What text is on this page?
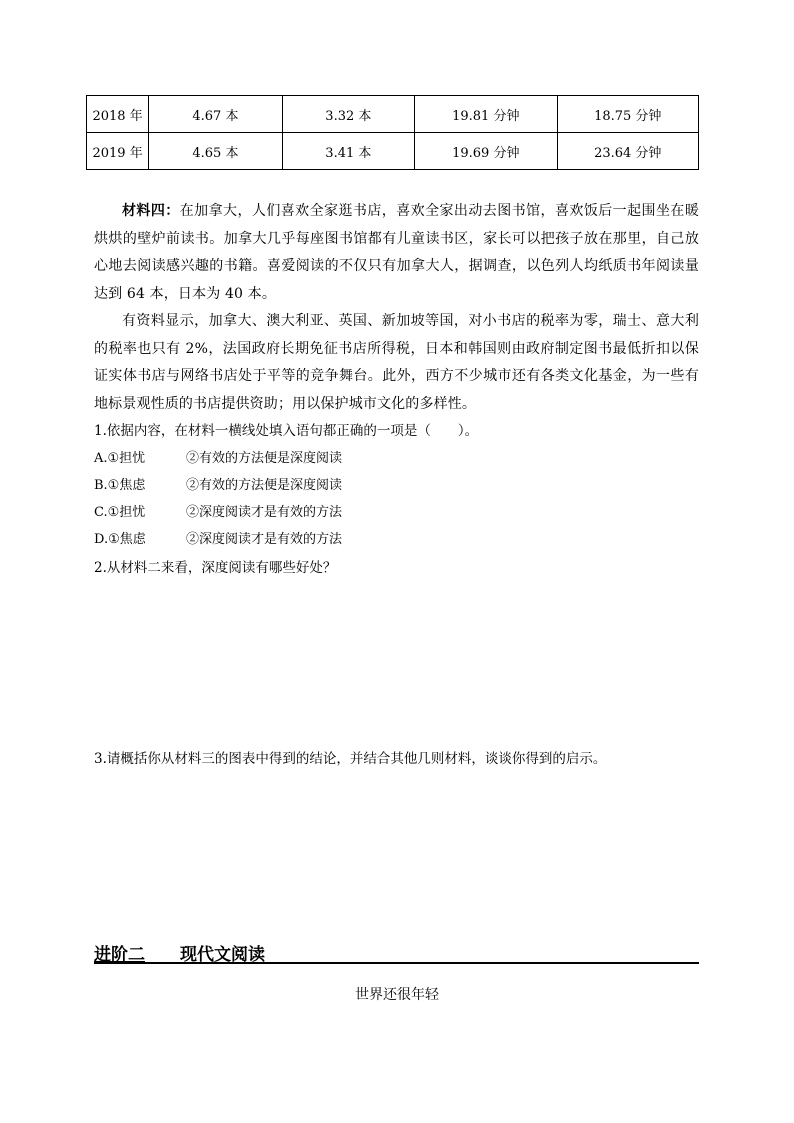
2018 年	4.67 本	3.32 本	19.81 分钟	18.75 分钟
2019 年	4.65 本	3.41 本	19.69 分钟	23.64 分钟
材料四：在加拿大，人们喜欢全家逛书店，喜欢全家出动去图书馆，喜欢饭后一起围坐在暖烘烘的壁炉前读书。加拿大几乎每座图书馆都有儿童读书区，家长可以把孩子放在那里，自己放心地去阅读感兴趣的书籍。喜爱阅读的不仅只有加拿大人，据调查，以色列人均纸质书年阅读量达到 64 本，日本为 40 本。
有资料显示，加拿大、澳大利亚、英国、新加坡等国，对小书店的税率为零，瑞士、意大利的税率也只有 2%，法国政府长期免征书店所得税，日本和韩国则由政府制定图书最低折扣以保证实体书店与网络书店处于平等的竞争舞台。此外，西方不少城市还有各类文化基金，为一些有地标景观性质的书店提供资助；用以保护城市文化的多样性。
1.依据内容，在材料一横线处填入语句都正确的一项是（　　）。
A.①担忧	②有效的方法便是深度阅读
B.①焦虑	②有效的方法便是深度阅读
C.①担忧	②深度阅读才是有效的方法
D.①焦虑	②深度阅读才是有效的方法
2.从材料二来看，深度阅读有哪些好处？
3.请概括你从材料三的图表中得到的结论，并结合其他几则材料，谈谈你得到的启示。
进阶二 现代文阅读
世界还很年轻
